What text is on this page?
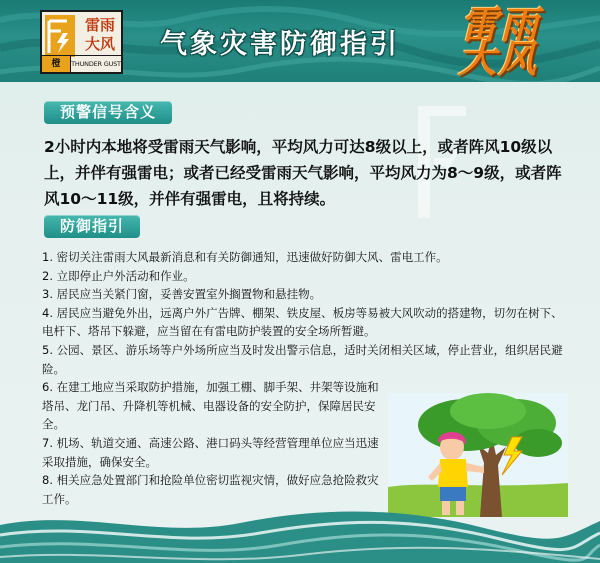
雷雨
大风
橙	THUNDER GUST
气象灾害防御指引 雷雨
大风
预警信号含义
2小时内本地将受雷雨天气影响，平均风力可达8级以上，或者阵风10级以上，并伴有强雷电；或者已经受雷雨天气影响，平均风力为8～9级，或者阵风10～11级，并伴有强雷电，且将持续。
防御指引
1. 密切关注雷雨大风最新消息和有关防御通知，迅速做好防御大风、雷电工作。
2. 立即停止户外活动和作业。
3. 居民应当关紧门窗，妥善安置室外搁置物和悬挂物。
4. 居民应当避免外出，远离户外广告牌、棚架、铁皮屋、板房等易被大风吹动的搭建物，切勿在树下、电杆下、塔吊下躲避，应当留在有雷电防护装置的安全场所暂避。
5. 公园、景区、游乐场等户外场所应当及时发出警示信息，适时关闭相关区域，停止营业，组织居民避险。
6. 在建工地应当采取防护措施，加强工棚、脚手架、井架等设施和塔吊、龙门吊、升降机等机械、电器设备的安全防护，保障居民安全。
7. 机场、轨道交通、高速公路、港口码头等经营管理单位应当迅速采取措施，确保安全。
8. 相关应急处置部门和抢险单位密切监视灾情，做好应急抢险救灾工作。
